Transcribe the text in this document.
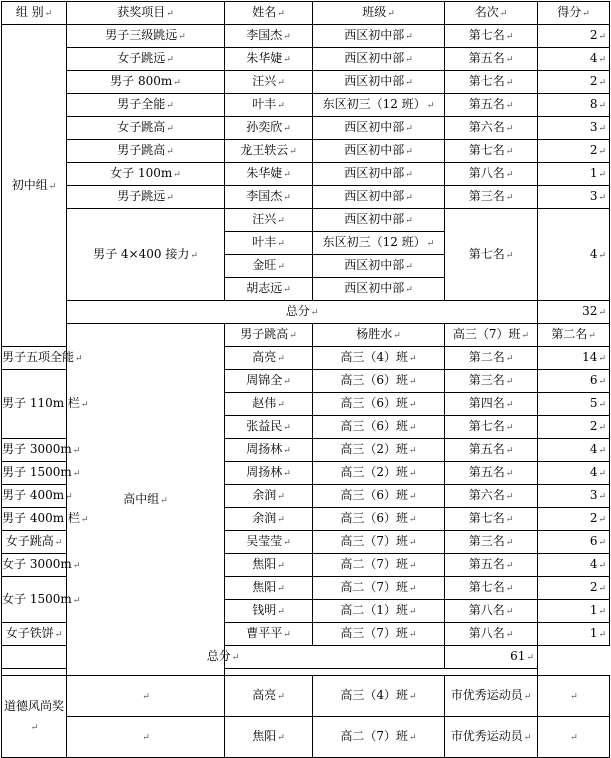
组 别 ↵	获奖项目 ↵	姓名 ↵	班级 ↵	名次 ↵	得分 ↵
初中组 ↵	男子三级跳远 ↵	李国杰 ↵	西区初中部 ↵	第七名 ↵	2 ↵
	女子跳远 ↵	朱华婕 ↵	西区初中部 ↵	第五名 ↵	4 ↵
	男子 800m ↵	汪兴 ↵	西区初中部 ↵	第七名 ↵	2 ↵
	男子全能 ↵	叶丰 ↵	东区初三（12 班） ↵	第五名 ↵	8 ↵
	女子跳高 ↵	孙奕欣 ↵	西区初中部 ↵	第六名 ↵	3 ↵
	男子跳高 ↵	龙王轶云 ↵	西区初中部 ↵	第七名 ↵	2 ↵
	女子 100m ↵	朱华婕 ↵	西区初中部 ↵	第八名 ↵	1 ↵
	男子跳远 ↵	李国杰 ↵	西区初中部 ↵	第三名 ↵	3 ↵
	男子 4×400 接力 ↵	汪兴 ↵	西区初中部 ↵	第七名 ↵	4 ↵
		叶丰 ↵	东区初三（12 班） ↵
		金旺 ↵	西区初中部 ↵
		胡志远 ↵	西区初中部 ↵
	总分 ↵				32 ↵
	高中组 ↵	男子跳高 ↵	杨胜水 ↵	高三（7）班 ↵	第二名 ↵	
男子五项全能 ↵		高亮 ↵	高三（4）班 ↵	第二名 ↵	14 ↵
男子 110m 栏 ↵		周锦全 ↵	高三（6）班 ↵	第三名 ↵	6 ↵
		赵伟 ↵	高三（6）班 ↵	第四名 ↵	5 ↵
		张益民 ↵	高三（6）班 ↵	第七名 ↵	2 ↵
男子 3000m ↵		周扬林 ↵	高三（2）班 ↵	第五名 ↵	4 ↵
男子 1500m ↵		周扬林 ↵	高三（2）班 ↵	第五名 ↵	4 ↵
男子 400m ↵		余润 ↵	高三（6）班 ↵	第六名 ↵	3 ↵
男子 400m 栏 ↵		余润 ↵	高三（6）班 ↵	第七名 ↵	2 ↵
女子跳高 ↵		吴莹莹 ↵	高三（7）班 ↵	第三名 ↵	6 ↵
女子 3000m ↵		焦阳 ↵	高二（7）班 ↵	第五名 ↵	4 ↵
女子 1500m ↵		焦阳 ↵	高二（7）班 ↵	第七名 ↵	2 ↵
		钱明 ↵	高二（1）班 ↵	第八名 ↵	1 ↵
女子铁饼 ↵		曹平平 ↵	高三（7）班 ↵	第八名 ↵	1 ↵
总分 ↵				61 ↵

道德风尚奖 ↵	↵	高亮 ↵	高三（4）班 ↵	市优秀运动员 ↵	↵
↵	焦阳 ↵	高二（7）班 ↵	市优秀运动员 ↵	↵
